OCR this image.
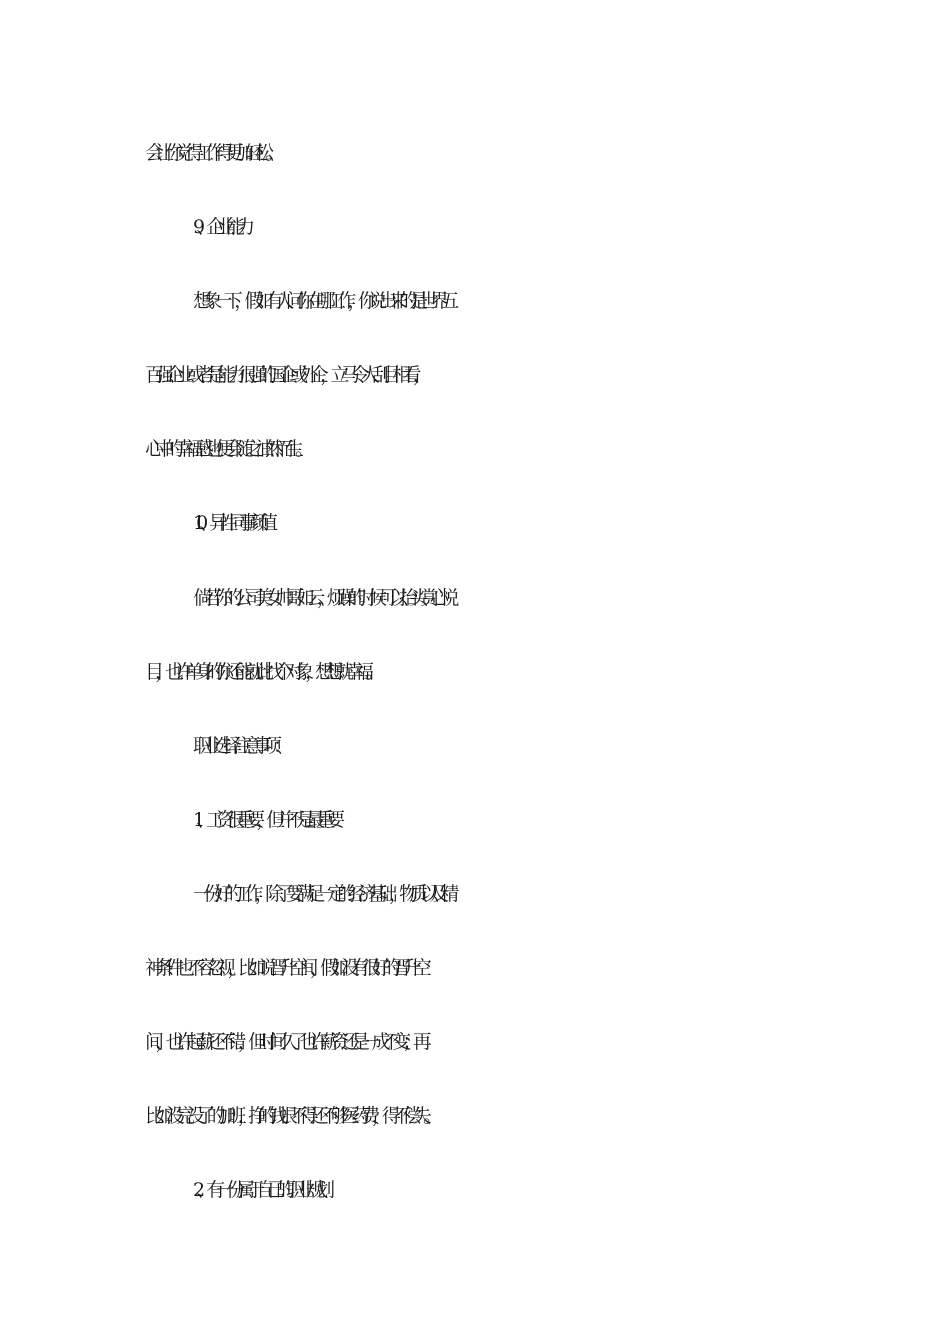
会让你觉得工作得更加轻松。
9、企业能力
想象一下，假如有人问你在哪工作，你说出来的是世界五
百强企业或者是能力很强的国企或外企，立马令人刮目相看，
心中的幸福感也便会随之油然而生。
10、异性同事颜值
倘若你的公司美女帅哥如云，烦躁的时候可以抬头赏心悦
目，也许单身的你还能就此找个对象，想想就幸福。
职业选择注意事项：
1、工资很重要，但并不是最重要
一份好的工作，除了要满足一定的经济基础，物质以及精
神条件也不容忽视，比如说晋升空间，假如没有很好的晋升空
间，也许起薪还不错，但时间久了也许薪资还是一成不变；再
比如没完没了的加班，挣的钱恨不得还不够医药费，得不偿失。
2、有一份属于自己的职业规划
